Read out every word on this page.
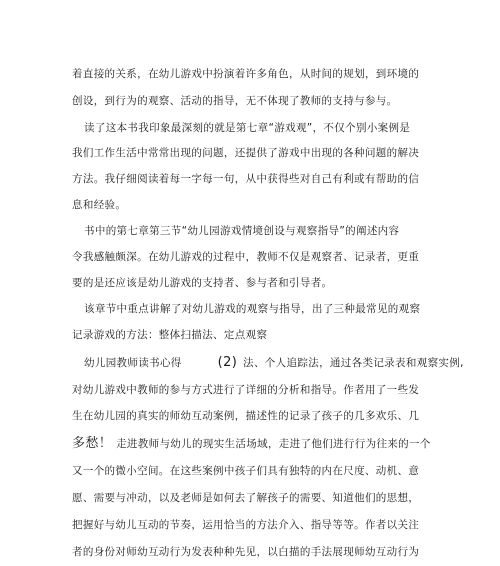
着直接的关系，在幼儿游戏中扮演着许多角色，从时间的规划，到环境的
创设，到行为的观察、活动的指导，无不体现了教师的支持与参与。
读了这本书我印象最深刻的就是第七章“游戏观”，不仅个别小案例是
我们工作生活中常常出现的问题，还提供了游戏中出现的各种问题的解决
方法。我仔细阅读着每一字每一句，从中获得些对自己有利或有帮助的信
息和经验。
书中的第七章第三节“幼儿园游戏情境创设与观察指导”的阐述内容
令我感触颇深。在幼儿游戏的过程中，教师不仅是观察者、记录者，更重
要的是还应该是幼儿游戏的支持者、参与者和引导者。
该章节中重点讲解了对幼儿游戏的观察与指导，出了三种最常见的观察
记录游戏的方法：整体扫描法、定点观察
幼儿园教师读书心得	(2) 法、个人追踪法，通过各类记录表和观察实例,
对幼儿游戏中教师的参与方式进行了详细的分析和指导。作者用了一些发
生在幼儿园的真实的师幼互动案例，描述性的记录了孩子的几多欢乐、几
多愁！ 走进教师与幼儿的现实生活场域，走进了他们进行行为往来的一个
又一个的微小空间。在这些案例中孩子们具有独特的内在尺度、动机、意
愿、需要与冲动，以及老师是如何去了解孩子的需要、知道他们的思想，
把握好与幼儿互动的节奏，运用恰当的方法介入、指导等等。作者以关注
者的身份对师幼互动行为发表种种先见，以白描的手法展现师幼互动行为
